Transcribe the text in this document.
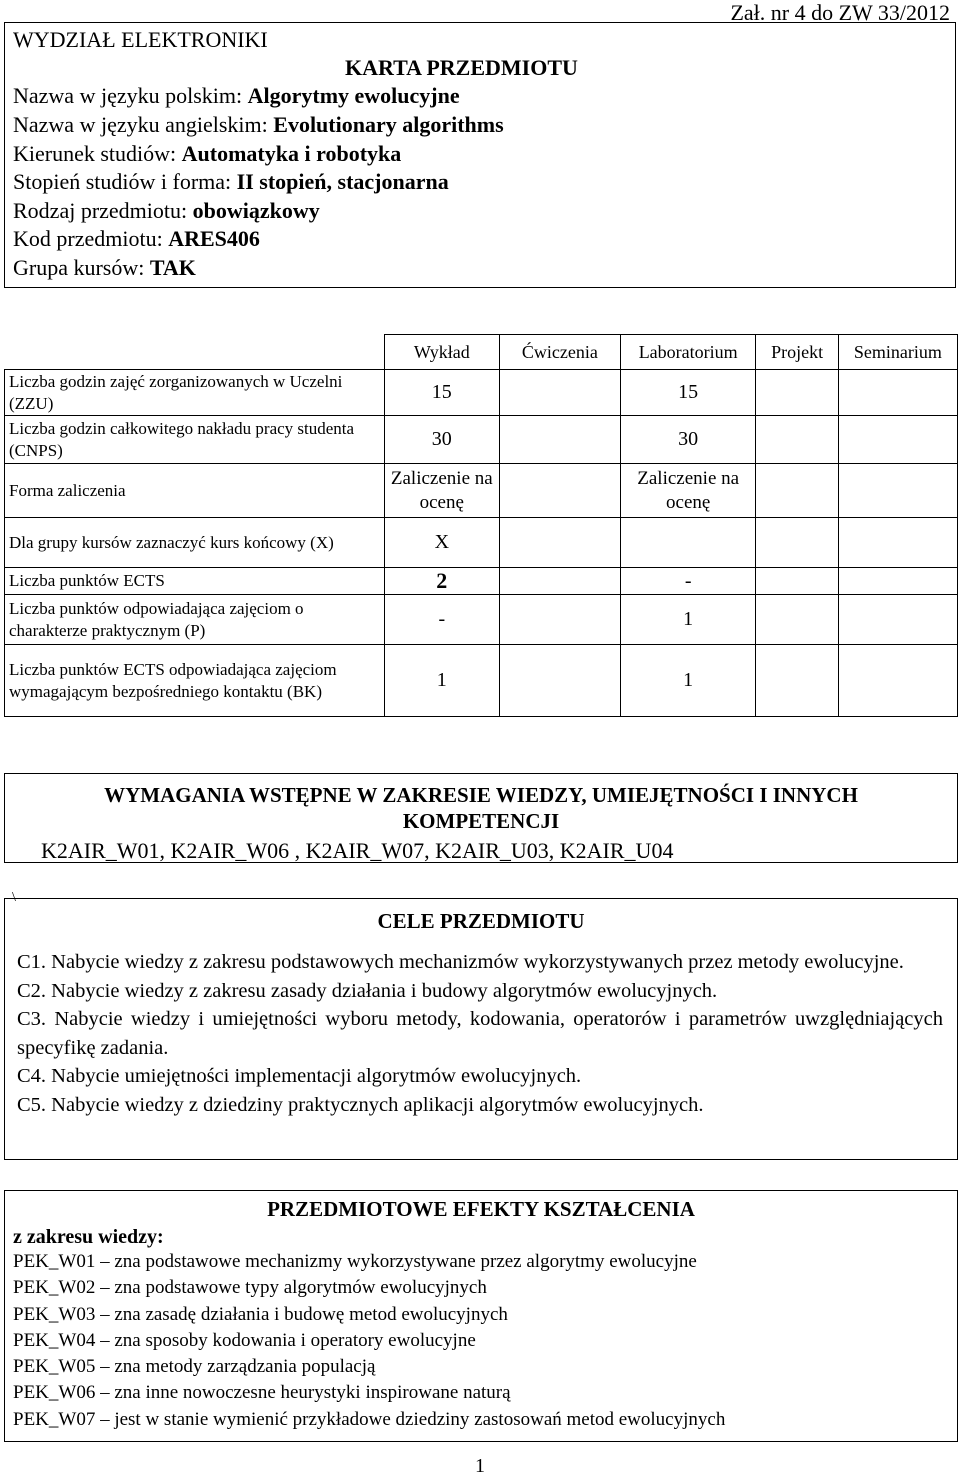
Zał. nr 4 do ZW 33/2012
WYDZIAŁ ELEKTRONIKI
KARTA PRZEDMIOTU
Nazwa w języku polskim: Algorytmy ewolucyjne
Nazwa w języku angielskim: Evolutionary algorithms
Kierunek studiów: Automatyka i robotyka
Stopień studiów i forma: II stopień, stacjonarna
Rodzaj przedmiotu: obowiązkowy
Kod przedmiotu: ARES406
Grupa kursów: TAK
	Wykład	Ćwiczenia	Laboratorium	Projekt	Seminarium
Liczba godzin zajęć zorganizowanych w Uczelni (ZZU)	15		15		
Liczba godzin całkowitego nakładu pracy studenta (CNPS)	30		30		
Forma zaliczenia	Zaliczenie na ocenę		Zaliczenie na ocenę		
Dla grupy kursów zaznaczyć kurs końcowy (X)	X				
Liczba punktów ECTS	2		-		
Liczba punktów odpowiadająca zajęciom o charakterze praktycznym (P)	-		1		
Liczba punktów ECTS odpowiadająca zajęciom wymagającym bezpośredniego kontaktu (BK)	1		1		
WYMAGANIA WSTĘPNE W ZAKRESIE WIEDZY, UMIEJĘTNOŚCI I INNYCH KOMPETENCJI
K2AIR_W01, K2AIR_W06 , K2AIR_W07, K2AIR_U03, K2AIR_U04
\
CELE PRZEDMIOTU
C1. Nabycie wiedzy z zakresu podstawowych mechanizmów wykorzystywanych przez metody ewolucyjne.
C2. Nabycie wiedzy z zakresu zasady działania i budowy algorytmów ewolucyjnych.
C3. Nabycie wiedzy i umiejętności wyboru metody, kodowania, operatorów i parametrów uwzględniających specyfikę zadania.
C4. Nabycie umiejętności implementacji algorytmów ewolucyjnych.
C5. Nabycie wiedzy z dziedziny praktycznych aplikacji algorytmów ewolucyjnych.
PRZEDMIOTOWE EFEKTY KSZTAŁCENIA
z zakresu wiedzy:
PEK_W01 – zna podstawowe mechanizmy wykorzystywane przez algorytmy ewolucyjne
PEK_W02 – zna podstawowe typy algorytmów ewolucyjnych
PEK_W03 – zna zasadę działania i budowę metod ewolucyjnych
PEK_W04 – zna sposoby kodowania i operatory ewolucyjne
PEK_W05 – zna metody zarządzania populacją
PEK_W06 – zna inne nowoczesne heurystyki inspirowane naturą
PEK_W07 – jest w stanie wymienić przykładowe dziedziny zastosowań metod ewolucyjnych
1
